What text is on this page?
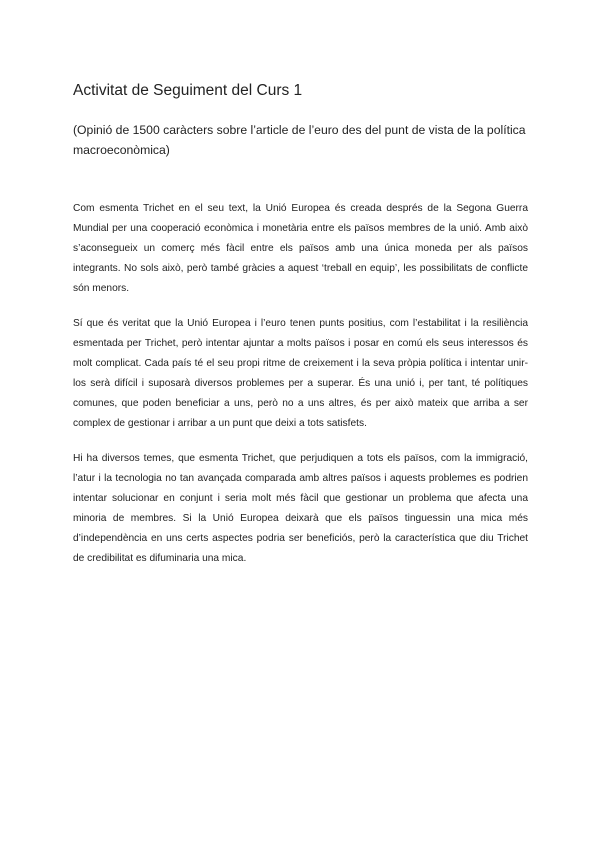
Activitat de Seguiment del Curs 1

(Opinió de 1500 caràcters sobre l’article de l’euro des del punt de vista de la política macroeconòmica)

Com esmenta Trichet en el seu text, la Unió Europea és creada després de la Segona Guerra Mundial per una cooperació econòmica i monetària entre els països membres de la unió. Amb això s’aconsegueix un comerç més fàcil entre els països amb una única moneda per als països integrants. No sols això, però també gràcies a aquest ‘treball en equip’, les possibilitats de conflicte són menors.

Sí que és veritat que la Unió Europea i l’euro tenen punts positius, com l’estabilitat i la resiliència esmentada per Trichet, però intentar ajuntar a molts països i posar en comú els seus interessos és molt complicat. Cada país té el seu propi ritme de creixement i la seva pròpia política i intentar unir-los serà difícil i suposarà diversos problemes per a superar. És una unió i, per tant, té polítiques comunes, que poden beneficiar a uns, però no a uns altres, és per això mateix que arriba a ser complex de gestionar i arribar a un punt que deixi a tots satisfets.

Hi ha diversos temes, que esmenta Trichet, que perjudiquen a tots els països, com la immigració, l’atur i la tecnologia no tan avançada comparada amb altres països i aquests problemes es podrien intentar solucionar en conjunt i seria molt més fàcil que gestionar un problema que afecta una minoria de membres. Si la Unió Europea deixarà que els països tinguessin una mica més d’independència en uns certs aspectes podria ser beneficiós, però la característica que diu Trichet de credibilitat es difuminaria una mica.
